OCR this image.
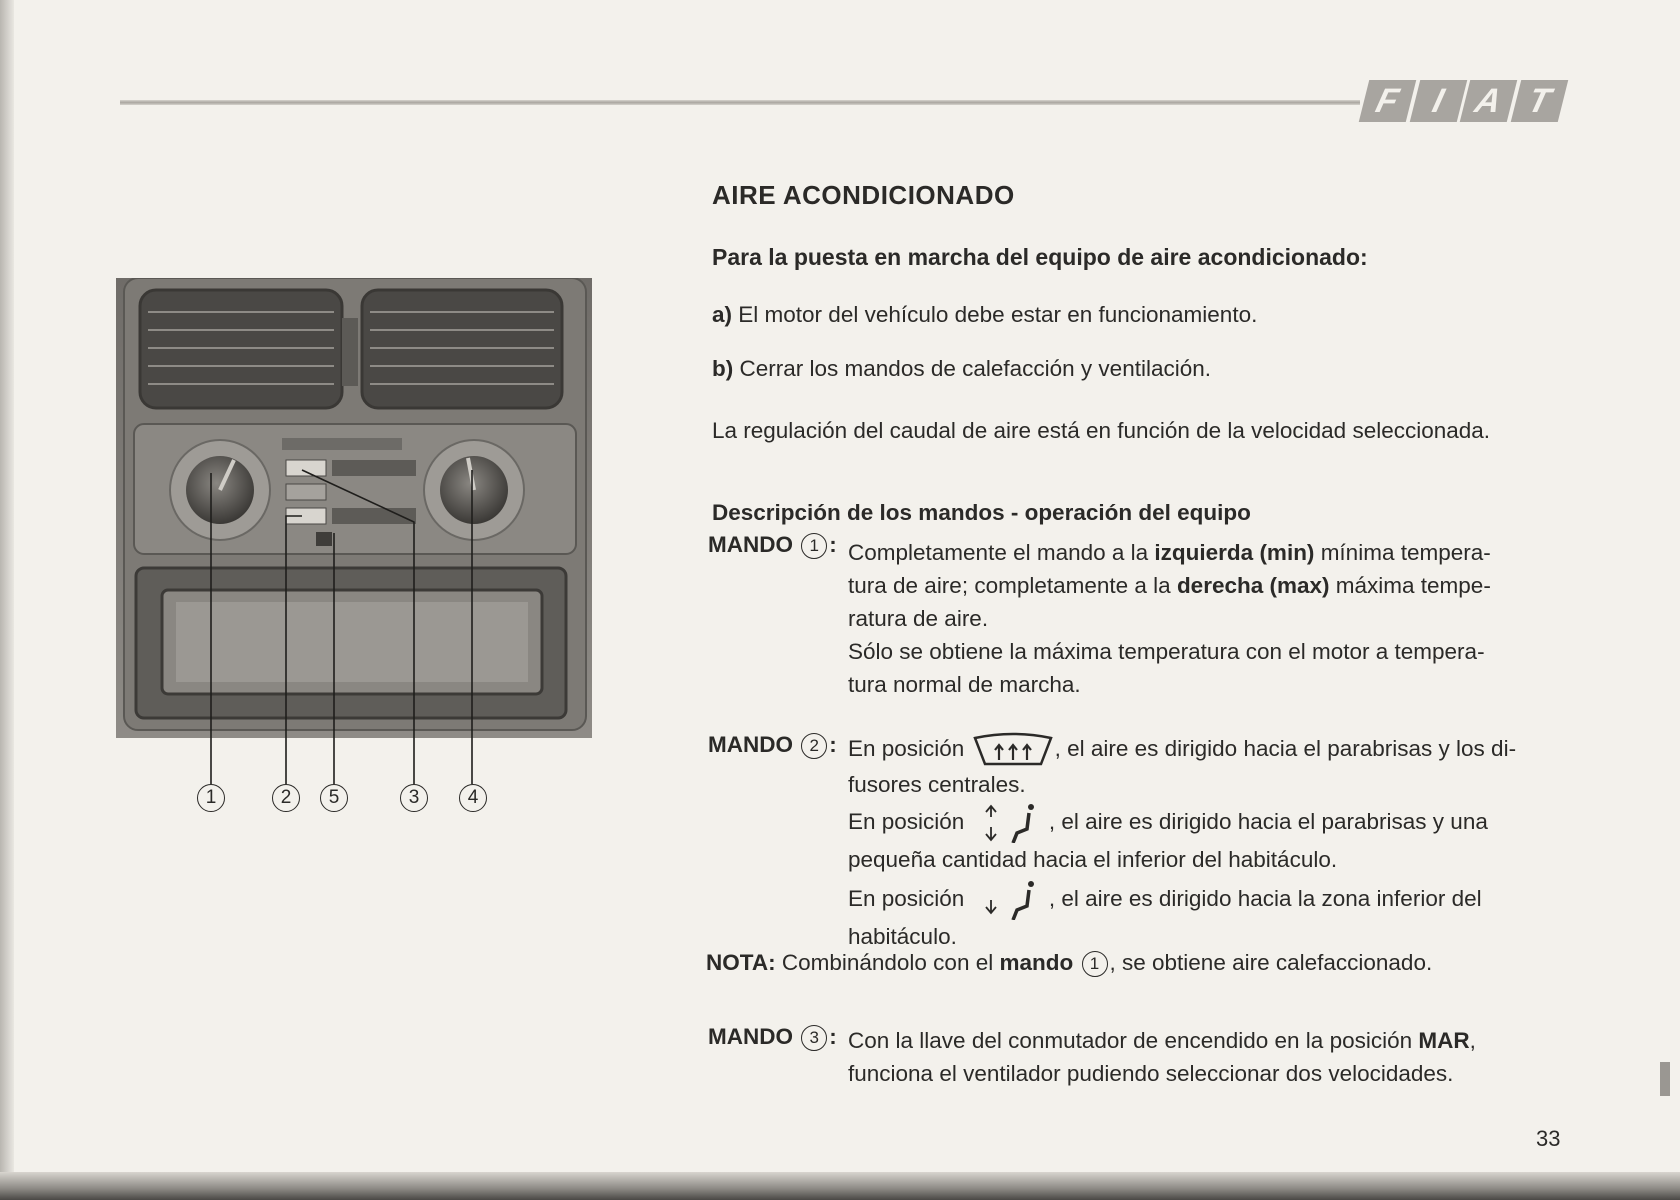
F I A T
1	2	5	3	4
AIRE ACONDICIONADO
Para la puesta en marcha del equipo de aire acondicionado:
a) El motor del vehículo debe estar en funcionamiento.
b) Cerrar los mandos de calefacción y ventilación.
La regulación del caudal de aire está en función de la velocidad seleccionada.
Descripción de los mandos - operación del equipo
MANDO 1 : Completamente el mando a la izquierda (min) mínima tempera-
tura de aire; completamente a la derecha (max) máxima tempe-
ratura de aire.
Sólo se obtiene la máxima temperatura con el motor a tempera-
tura normal de marcha.
MANDO 2 : En posición	, el aire es dirigido hacia el parabrisas y los di-
fusores centrales.
En posición	, el aire es dirigido hacia el parabrisas y una
pequeña cantidad hacia el inferior del habitáculo.
En posición	, el aire es dirigido hacia la zona inferior del
habitáculo.
NOTA: Combinándolo con el mando 1 , se obtiene aire calefaccionado.
MANDO 3 : Con la llave del conmutador de encendido en la posición MAR,
funciona el ventilador pudiendo seleccionar dos velocidades.
33
